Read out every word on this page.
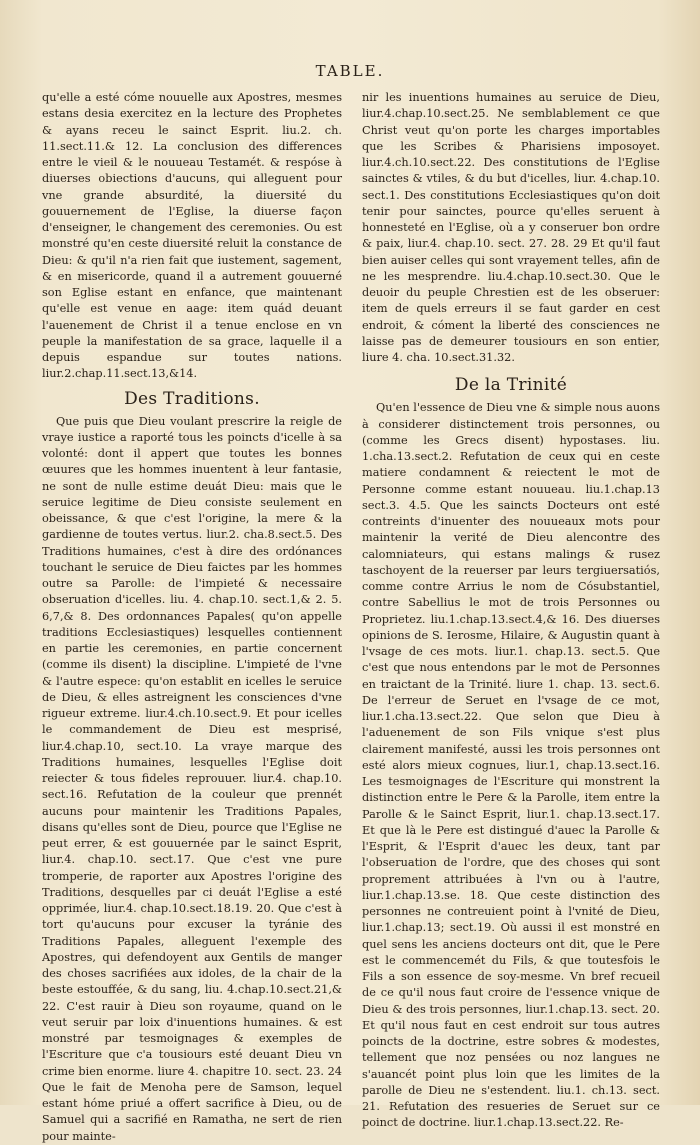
TABLE.

qu'elle a esté cóme nouuelle aux Apostres, mesmes estans desia exercitez en la lecture des Prophetes & ayans receu le sainct Esprit. liu.2. ch. 11.sect.11.& 12. La conclusion des differences entre le vieil & le nouueau Testamét. & respóse à diuerses obiections d'aucuns, qui alleguent pour vne grande absurdité, la diuersité du gouuernement de l'Eglise, la diuerse façon d'enseigner, le changement des ceremonies. Ou est monstré qu'en ceste diuersité reluit la constance de Dieu: & qu'il n'a rien fait que iustement, sagement, & en misericorde, quand il a autrement gouuerné son Eglise estant en enfance, que maintenant qu'elle est venue en aage: item quád deuant l'auenement de Christ il a tenue enclose en vn peuple la manifestation de sa grace, laquelle il a depuis espandue sur toutes nations. liur.2.chap.11.sect.13,&14.

Des Traditions.

Que puis que Dieu voulant prescrire la reigle de vraye iustice a raporté tous les poincts d'icelle à sa volonté: dont il appert que toutes les bonnes œuures que les hommes inuentent à leur fantasie, ne sont de nulle estime deuát Dieu: mais que le seruice legitime de Dieu consiste seulement en obeissance, & que c'est l'origine, la mere & la gardienne de toutes vertus. liur.2. cha.8.sect.5. Des Traditions humaines, c'est à dire des ordónances touchant le seruice de Dieu faictes par les hommes outre sa Parolle: de l'impieté & necessaire obseruation d'icelles. liu. 4. chap.10. sect.1,& 2. 5. 6,7,& 8. Des ordonnances Papales( qu'on appelle traditions Ecclesiastiques) lesquelles contiennent en partie les ceremonies, en partie concernent (comme ils disent) la discipline. L'impieté de l'vne & l'autre espece: qu'on establit en icelles le seruice de Dieu, & elles astreignent les consciences d'vne rigueur extreme. liur.4.ch.10.sect.9. Et pour icelles le commandement de Dieu est mesprisé, liur.4.chap.10, sect.10. La vraye marque des Traditions humaines, lesquelles l'Eglise doit reiecter & tous fideles reprouuer. liur.4. chap.10. sect.16. Refutation de la couleur que prennét aucuns pour maintenir les Traditions Papales, disans qu'elles sont de Dieu, pource que l'Eglise ne peut errer, & est gouuernée par le sainct Esprit, liur.4. chap.10. sect.17. Que c'est vne pure tromperie, de raporter aux Apostres l'origine des Traditions, desquelles par ci deuát l'Eglise a esté opprimée, liur.4. chap.10.sect.18.19. 20. Que c'est à tort qu'aucuns pour excuser la tyránie des Traditions Papales, alleguent l'exemple des Apostres, qui defendoyent aux Gentils de manger des choses sacrifiées aux idoles, de la chair de la beste estouffée, & du sang, liu. 4.chap.10.sect.21,& 22. C'est rauir à Dieu son royaume, quand on le veut seruir par loix d'inuentions humaines. & est monstré par tesmoignages & exemples de l'Escriture que c'a tousiours esté deuant Dieu vn crime bien enorme. liure 4. chapitre 10. sect. 23. 24 Que le fait de Menoha pere de Samson, lequel estant hóme priué a offert sacrifice à Dieu, ou de Samuel qui a sacrifié en Ramatha, ne sert de rien pour mainte-

nir les inuentions humaines au seruice de Dieu, liur.4.chap.10.sect.25. Ne semblablement ce que Christ veut qu'on porte les charges importables que les Scribes & Pharisiens imposoyet. liur.4.ch.10.sect.22. Des constitutions de l'Eglise sainctes & vtiles, & du but d'icelles, liur. 4.chap.10. sect.1. Des constitutions Ecclesiastiques qu'on doit tenir pour sainctes, pource qu'elles seruent à honnesteté en l'Eglise, où a y conseruer bon ordre & paix, liur.4. chap.10. sect. 27. 28. 29 Et qu'il faut bien auiser celles qui sont vrayement telles, afin de ne les mesprendre. liu.4.chap.10.sect.30. Que le deuoir du peuple Chrestien est de les obseruer: item de quels erreurs il se faut garder en cest endroit, & cóment la liberté des consciences ne laisse pas de demeurer tousiours en son entier, liure 4. cha. 10.sect.31.32.

De la Trinité

Qu'en l'essence de Dieu vne & simple nous auons à considerer distinctement trois personnes, ou (comme les Grecs disent) hypostases. liu. 1.cha.13.sect.2. Refutation de ceux qui en ceste matiere condamnent & reiectent le mot de Personne comme estant nouueau. liu.1.chap.13 sect.3. 4.5. Que les saincts Docteurs ont esté contreints d'inuenter des nouueaux mots pour maintenir la verité de Dieu alencontre des calomniateurs, qui estans malings & rusez taschoyent de la reuerser par leurs tergiuersatiós, comme contre Arrius le nom de Cósubstantiel, contre Sabellius le mot de trois Personnes ou Proprietez. liu.1.chap.13.sect.4,& 16. Des diuerses opinions de S. Ierosme, Hilaire, & Augustin quant à l'vsage de ces mots. liur.1. chap.13. sect.5. Que c'est que nous entendons par le mot de Personnes en traictant de la Trinité. liure 1. chap. 13. sect.6. De l'erreur de Seruet en l'vsage de ce mot, liur.1.cha.13.sect.22. Que selon que Dieu à l'aduenement de son Fils vnique s'est plus clairement manifesté, aussi les trois personnes ont esté alors mieux cognues, liur.1, chap.13.sect.16. Les tesmoignages de l'Escriture qui monstrent la distinction entre le Pere & la Parolle, item entre la Parolle & le Sainct Esprit, liur.1. chap.13.sect.17. Et que là le Pere est distingué d'auec la Parolle & l'Esprit, & l'Esprit d'auec les deux, tant par l'obseruation de l'ordre, que des choses qui sont proprement attribuées à l'vn ou à l'autre, liur.1.chap.13.se. 18. Que ceste distinction des personnes ne contreuient point à l'vnité de Dieu, liur.1.chap.13; sect.19. Où aussi il est monstré en quel sens les anciens docteurs ont dit, que le Pere est le commencemét du Fils, & que toutesfois le Fils a son essence de soy-mesme. Vn bref recueil de ce qu'il nous faut croire de l'essence vnique de Dieu & des trois personnes, liur.1.chap.13. sect. 20. Et qu'il nous faut en cest endroit sur tous autres poincts de la doctrine, estre sobres & modestes, tellement que noz pensées ou noz langues ne s'auancét point plus loin que les limites de la parolle de Dieu ne s'estendent. liu.1. ch.13. sect. 21. Refutation des resueries de Seruet sur ce poinct de doctrine. liur.1.chap.13.sect.22. Re-
